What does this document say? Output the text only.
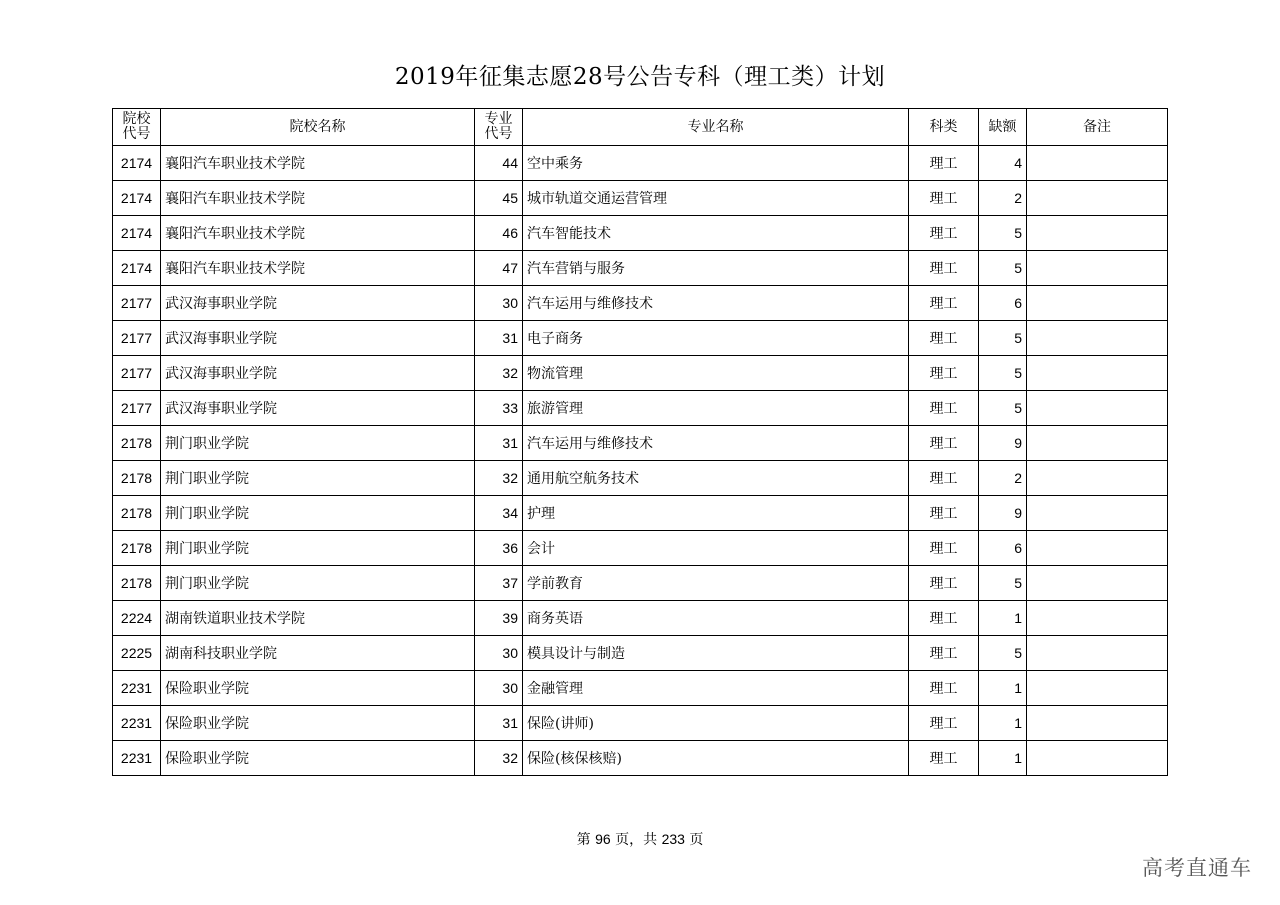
2019年征集志愿28号公告专科（理工类）计划
院校代号	院校名称	专业代号	专业名称	科类	缺额	备注
2174	襄阳汽车职业技术学院	44	空中乘务	理工	4	
2174	襄阳汽车职业技术学院	45	城市轨道交通运营管理	理工	2	
2174	襄阳汽车职业技术学院	46	汽车智能技术	理工	5	
2174	襄阳汽车职业技术学院	47	汽车营销与服务	理工	5	
2177	武汉海事职业学院	30	汽车运用与维修技术	理工	6	
2177	武汉海事职业学院	31	电子商务	理工	5	
2177	武汉海事职业学院	32	物流管理	理工	5	
2177	武汉海事职业学院	33	旅游管理	理工	5	
2178	荆门职业学院	31	汽车运用与维修技术	理工	9	
2178	荆门职业学院	32	通用航空航务技术	理工	2	
2178	荆门职业学院	34	护理	理工	9	
2178	荆门职业学院	36	会计	理工	6	
2178	荆门职业学院	37	学前教育	理工	5	
2224	湖南铁道职业技术学院	39	商务英语	理工	1	
2225	湖南科技职业学院	30	模具设计与制造	理工	5	
2231	保险职业学院	30	金融管理	理工	1	
2231	保险职业学院	31	保险(讲师)	理工	1	
2231	保险职业学院	32	保险(核保核赔)	理工	1	
第 96 页，共 233 页
高考直通车
